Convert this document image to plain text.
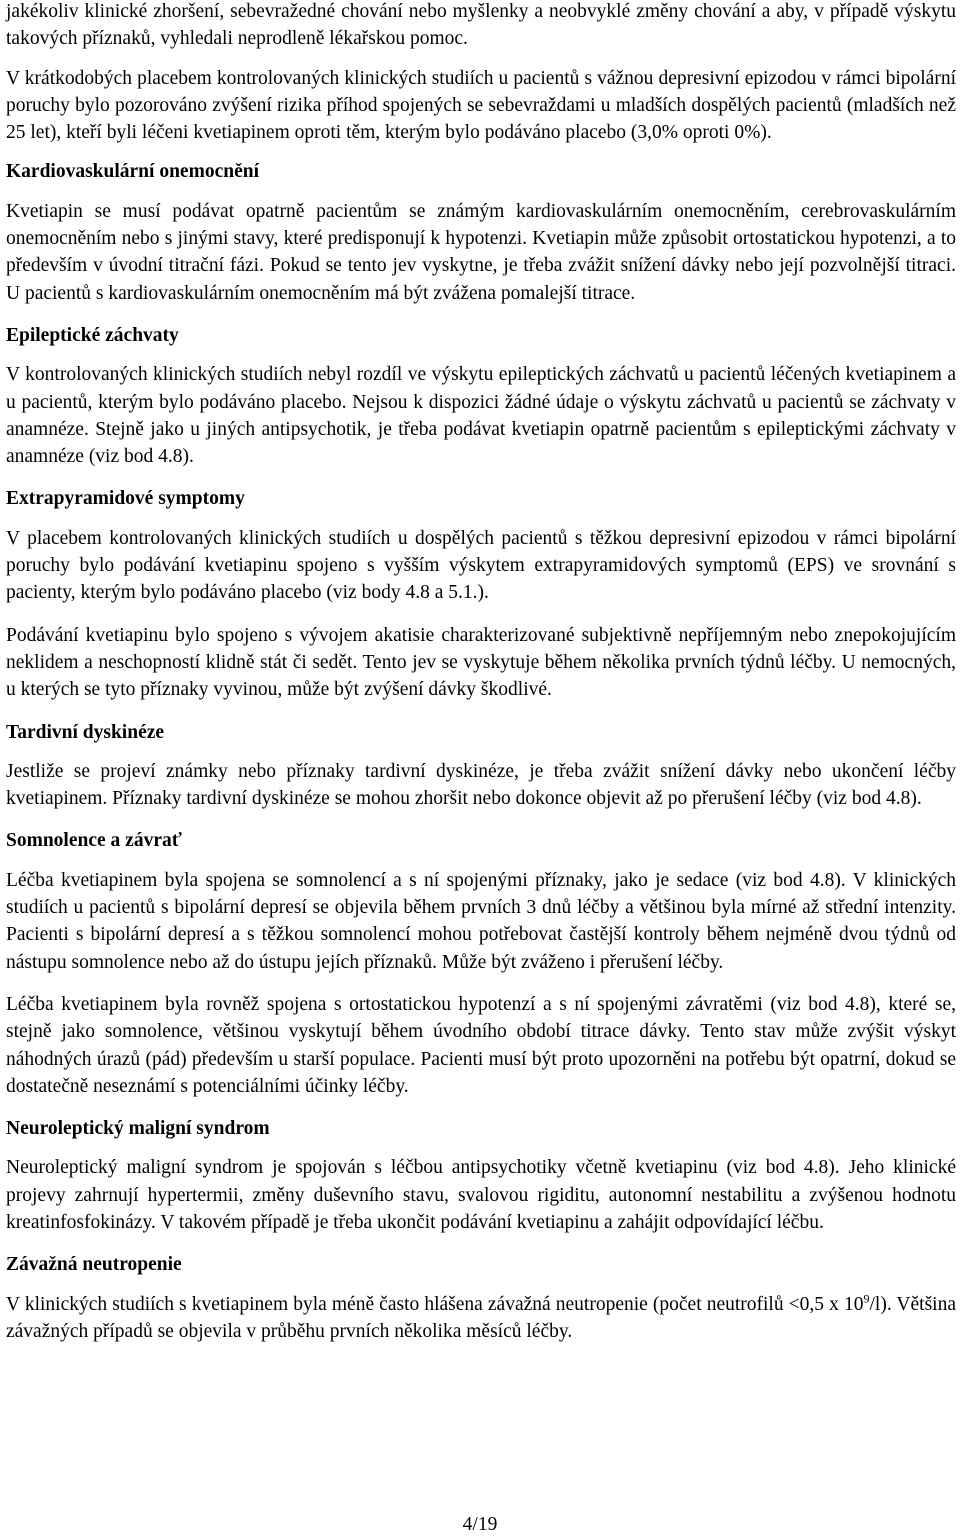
jakékoliv klinické zhoršení, sebevražedné chování nebo myšlenky a neobvyklé změny chování a aby, v případě výskytu takových příznaků, vyhledali neprodleně lékařskou pomoc.

V krátkodobých placebem kontrolovaných klinických studiích u pacientů s vážnou depresivní epizodou v rámci bipolární poruchy bylo pozorováno zvýšení rizika příhod spojených se sebevraždami u mladších dospělých pacientů (mladších než 25 let), kteří byli léčeni kvetiapinem oproti těm, kterým bylo podáváno placebo (3,0% oproti 0%).

Kardiovaskulární onemocnění

Kvetiapin se musí podávat opatrně pacientům se známým kardiovaskulárním onemocněním, cerebrovaskulárním onemocněním nebo s jinými stavy, které predisponují k hypotenzi. Kvetiapin může způsobit ortostatickou hypotenzi, a to především v úvodní titrační fázi. Pokud se tento jev vyskytne, je třeba zvážit snížení dávky nebo její pozvolnější titraci. U pacientů s kardiovaskulárním onemocněním má být zvážena pomalejší titrace.

Epileptické záchvaty

V kontrolovaných klinických studiích nebyl rozdíl ve výskytu epileptických záchvatů u pacientů léčených kvetiapinem a u pacientů, kterým bylo podáváno placebo. Nejsou k dispozici žádné údaje o výskytu záchvatů u pacientů se záchvaty v anamnéze. Stejně jako u jiných antipsychotik, je třeba podávat kvetiapin opatrně pacientům s epileptickými záchvaty v anamnéze (viz bod 4.8).

Extrapyramidové symptomy

V placebem kontrolovaných klinických studiích u dospělých pacientů s těžkou depresivní epizodou v rámci bipolární poruchy bylo podávání kvetiapinu spojeno s vyšším výskytem extrapyramidových symptomů (EPS) ve srovnání s pacienty, kterým bylo podáváno placebo (viz body 4.8 a 5.1.).

Podávání kvetiapinu bylo spojeno s vývojem akatisie charakterizované subjektivně nepříjemným nebo znepokojujícím neklidem a neschopností klidně stát či sedět. Tento jev se vyskytuje během několika prvních týdnů léčby. U nemocných, u kterých se tyto příznaky vyvinou, může být zvýšení dávky škodlivé.

Tardivní dyskinéze

Jestliže se projeví známky nebo příznaky tardivní dyskinéze, je třeba zvážit snížení dávky nebo ukončení léčby kvetiapinem. Příznaky tardivní dyskinéze se mohou zhoršit nebo dokonce objevit až po přerušení léčby (viz bod 4.8).

Somnolence a závrať

Léčba kvetiapinem byla spojena se somnolencí a s ní spojenými příznaky, jako je sedace (viz bod 4.8). V klinických studiích u pacientů s bipolární depresí se objevila během prvních 3 dnů léčby a většinou byla mírné až střední intenzity. Pacienti s bipolární depresí a s těžkou somnolencí mohou potřebovat častější kontroly během nejméně dvou týdnů od nástupu somnolence nebo až do ústupu jejích příznaků. Může být zváženo i přerušení léčby.

Léčba kvetiapinem byla rovněž spojena s ortostatickou hypotenzí a s ní spojenými závratěmi (viz bod 4.8), které se, stejně jako somnolence, většinou vyskytují během úvodního období titrace dávky. Tento stav může zvýšit výskyt náhodných úrazů (pád) především u starší populace. Pacienti musí být proto upozorněni na potřebu být opatrní, dokud se dostatečně neseznámí s potenciálními účinky léčby.

Neuroleptický maligní syndrom

Neuroleptický maligní syndrom je spojován s léčbou antipsychotiky včetně kvetiapinu (viz bod 4.8). Jeho klinické projevy zahrnují hypertermii, změny duševního stavu, svalovou rigiditu, autonomní nestabilitu a zvýšenou hodnotu kreatinfosfokinázy. V takovém případě je třeba ukončit podávání kvetiapinu a zahájit odpovídající léčbu.

Závažná neutropenie

V klinických studiích s kvetiapinem byla méně často hlášena závažná neutropenie (počet neutrofilů <0,5 x $10^9/l$). Většina závažných případů se objevila v průběhu prvních několika měsíců léčby.

4/19
